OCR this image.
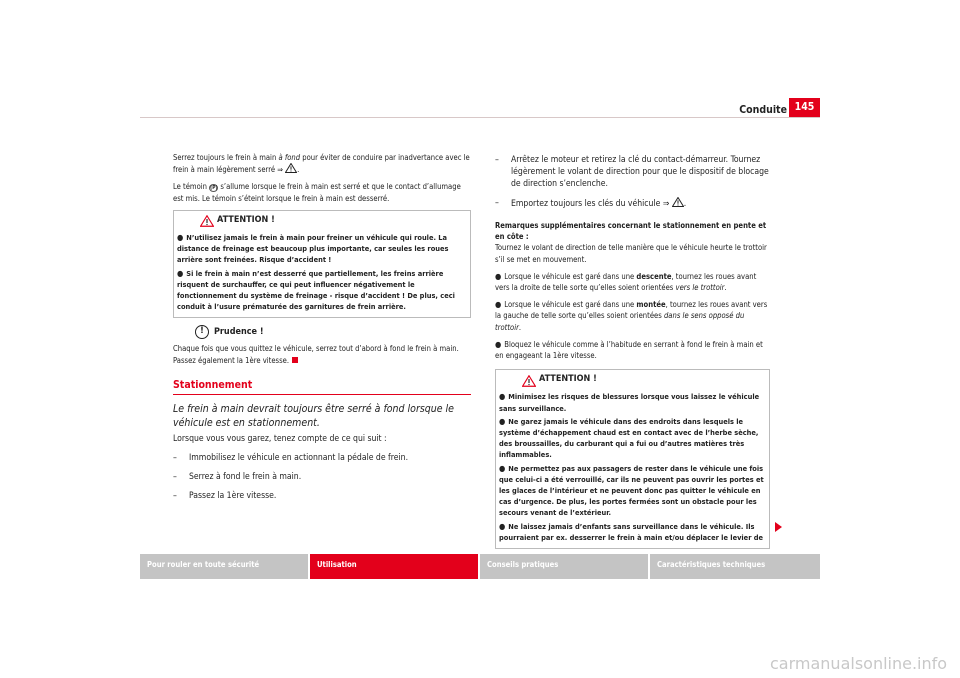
Conduite 145

Serrez toujours le frein à main à fond pour éviter de conduire par inadvertance avec le frein à main légèrement serré ⇒
.

Le témoin (P) s’allume lorsque le frein à main est serré et que le contact d’allumage est mis. Le témoin s’éteint lorsque le frein à main est desserré.

ATTENTION !
● N’utilisez jamais le frein à main pour freiner un véhicule qui roule. La distance de freinage est beaucoup plus importante, car seules les roues arrière sont freinées. Risque d’accident !
● Si le frein à main n’est desserré que partiellement, les freins arrière risquent de surchauffer, ce qui peut influencer négativement le fonctionnement du système de freinage - risque d’accident ! De plus, ceci conduit à l’usure prématurée des garnitures de frein arrière.
!	Prudence !

Chaque fois que vous quittez le véhicule, serrez tout d’abord à fond le frein à main. Passez également la 1ère vitesse.

Stationnement
Le frein à main devrait toujours être serré à fond lorsque le véhicule est en stationnement.
Lorsque vous vous garez, tenez compte de ce qui suit :
–	Immobilisez le véhicule en actionnant la pédale de frein.
–	Serrez à fond le frein à main.
–	Passez la 1ère vitesse.
–	Arrêtez le moteur et retirez la clé du contact-démarreur. Tournez légèrement le volant de direction pour que le dispositif de blocage de direction s’enclenche.
–	Emportez toujours les clés du véhicule ⇒
.
Remarques supplémentaires concernant le stationnement en pente et en côte :

Tournez le volant de direction de telle manière que le véhicule heurte le trottoir s’il se met en mouvement.

● Lorsque le véhicule est garé dans une descente, tournez les roues avant vers la droite de telle sorte qu’elles soient orientées vers le trottoir.

● Lorsque le véhicule est garé dans une montée, tournez les roues avant vers la gauche de telle sorte qu’elles soient orientées dans le sens opposé du trottoir.

● Bloquez le véhicule comme à l’habitude en serrant à fond le frein à main et en engageant la 1ère vitesse.

ATTENTION !
● Minimisez les risques de blessures lorsque vous laissez le véhicule sans surveillance.
● Ne garez jamais le véhicule dans des endroits dans lesquels le système d’échappement chaud est en contact avec de l’herbe sèche, des broussailles, du carburant qui a fui ou d’autres matières très inflammables.
● Ne permettez pas aux passagers de rester dans le véhicule une fois que celui-ci a été verrouillé, car ils ne peuvent pas ouvrir les portes et les glaces de l’intérieur et ne peuvent donc pas quitter le véhicule en cas d’urgence. De plus, les portes fermées sont un obstacle pour les secours venant de l’extérieur.
● Ne laissez jamais d’enfants sans surveillance dans le véhicule. Ils pourraient par ex. desserrer le frein à main et/ou déplacer le levier de
Pour rouler en toute sécurité	Utilisation	Conseils pratiques	Caractéristiques techniques
carmanualsonline.info
